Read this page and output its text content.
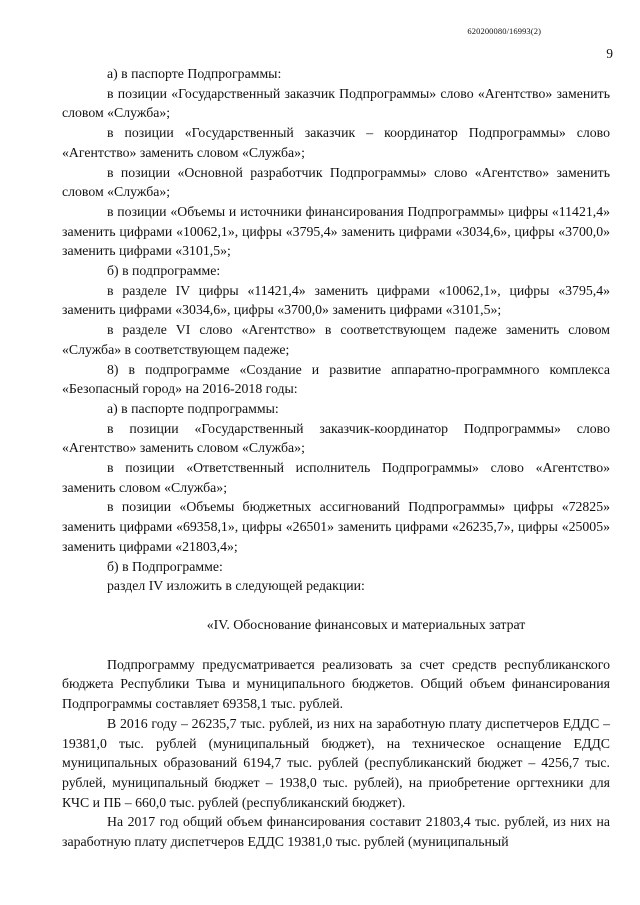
620200080/16993(2)
9

а) в паспорте Подпрограммы:

в позиции «Государственный заказчик Подпрограммы» слово «Агентство» заменить словом «Служба»;

в позиции «Государственный заказчик – координатор Подпрограммы» слово «Агентство» заменить словом «Служба»;

в позиции «Основной разработчик Подпрограммы» слово «Агентство» заменить словом «Служба»;

в позиции «Объемы и источники финансирования Подпрограммы» цифры «11421,4» заменить цифрами «10062,1», цифры «3795,4» заменить цифрами «3034,6», цифры «3700,0» заменить цифрами «3101,5»;

б) в подпрограмме:

в разделе IV цифры «11421,4» заменить цифрами «10062,1», цифры «3795,4» заменить цифрами «3034,6», цифры «3700,0» заменить цифрами «3101,5»;

в разделе VI слово «Агентство» в соответствующем падеже заменить словом «Служба» в соответствующем падеже;

8) в подпрограмме «Создание и развитие аппаратно-программного комплекса «Безопасный город» на 2016-2018 годы:

а) в паспорте подпрограммы:

в позиции «Государственный заказчик-координатор Подпрограммы» слово «Агентство» заменить словом «Служба»;

в позиции «Ответственный исполнитель Подпрограммы» слово «Агентство» заменить словом «Служба»;

в позиции «Объемы бюджетных ассигнований Подпрограммы» цифры «72825» заменить цифрами «69358,1», цифры «26501» заменить цифрами «26235,7», цифры «25005» заменить цифрами «21803,4»;

б) в Подпрограмме:

раздел IV изложить в следующей редакции:

«IV. Обоснование финансовых и материальных затрат

Подпрограмму предусматривается реализовать за счет средств республиканского бюджета Республики Тыва и муниципального бюджетов. Общий объем финансирования Подпрограммы составляет 69358,1 тыс. рублей.

В 2016 году – 26235,7 тыс. рублей, из них на заработную плату диспетчеров ЕДДС – 19381,0 тыс. рублей (муниципальный бюджет), на техническое оснащение ЕДДС муниципальных образований 6194,7 тыс. рублей (республиканский бюджет – 4256,7 тыс. рублей, муниципальный бюджет – 1938,0 тыс. рублей), на приобретение оргтехники для КЧС и ПБ – 660,0 тыс. рублей (республиканский бюджет).

На 2017 год общий объем финансирования составит 21803,4 тыс. рублей, из них на заработную плату диспетчеров ЕДДС 19381,0 тыс. рублей (муниципальный
